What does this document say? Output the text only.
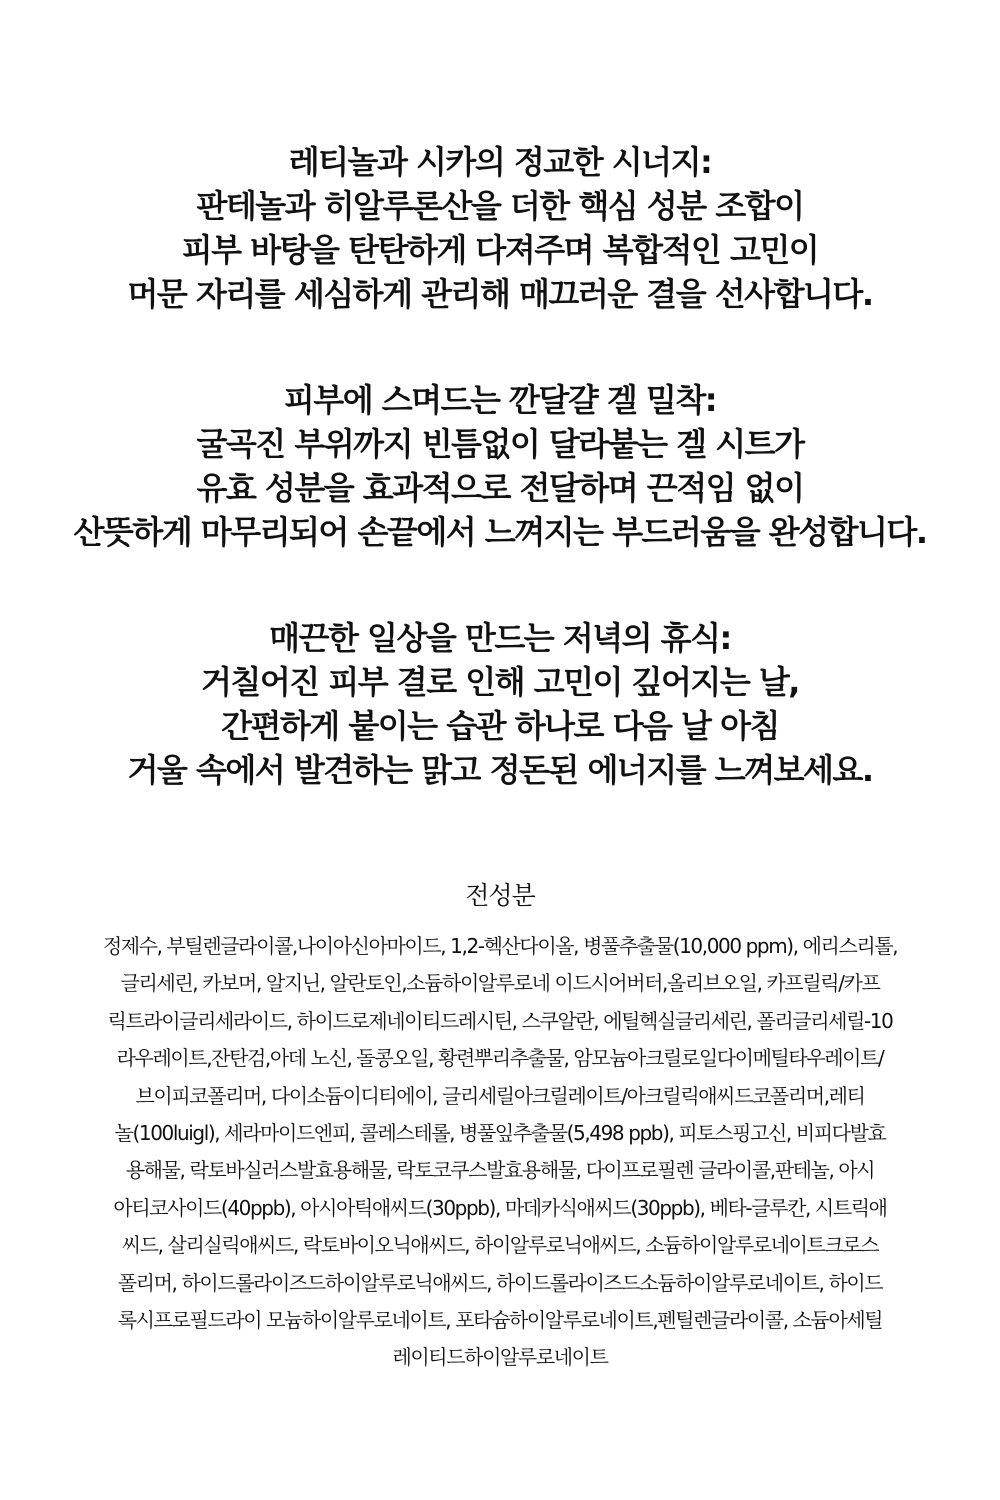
레티놀과 시카의 정교한 시너지:
판테놀과 히알루론산을 더한 핵심 성분 조합이
피부 바탕을 탄탄하게 다져주며 복합적인 고민이
머문 자리를 세심하게 관리해 매끄러운 결을 선사합니다.
피부에 스며드는 깐달걀 겔 밀착:
굴곡진 부위까지 빈틈없이 달라붙는 겔 시트가
유효 성분을 효과적으로 전달하며 끈적임 없이
산뜻하게 마무리되어 손끝에서 느껴지는 부드러움을 완성합니다.
매끈한 일상을 만드는 저녁의 휴식:
거칠어진 피부 결로 인해 고민이 깊어지는 날,
간편하게 붙이는 습관 하나로 다음 날 아침
거울 속에서 발견하는 맑고 정돈된 에너지를 느껴보세요.
전성분
정제수, 부틸렌글라이콜,나이아신아마이드, 1,2-헥산다이올, 병풀추출물(10,000 ppm), 에리스리톨,
글리세린, 카보머, 알지닌, 알란토인,소듐하이알루로네 이드시어버터,올리브오일, 카프릴릭/카프
릭트라이글리세라이드, 하이드로제네이티드레시틴, 스쿠알란, 에틸헥실글리세린, 폴리글리세릴-10
라우레이트,잔탄검,아데 노신, 돌콩오일, 황련뿌리추출물, 암모늄아크릴로일다이메틸타우레이트/
브이피코폴리머, 다이소듐이디티에이, 글리세릴아크릴레이트/아크릴릭애씨드코폴리머,레티
놀(100luigl), 세라마이드엔피, 콜레스테롤, 병풀잎추출물(5,498 ppb), 피토스핑고신, 비피다발효
용해물, 락토바실러스발효용해물, 락토코쿠스발효용해물, 다이프로필렌 글라이콜,판테놀, 아시
아티코사이드(40ppb), 아시아틱애씨드(30ppb), 마데카식애씨드(30ppb), 베타-글루칸, 시트릭애
씨드, 살리실릭애씨드, 락토바이오닉애씨드, 하이알루로닉애씨드, 소듐하이알루로네이트크로스
폴리머, 하이드롤라이즈드하이알루로닉애씨드, 하이드롤라이즈드소듐하이알루로네이트, 하이드
록시프로필드라이 모늄하이알루로네이트, 포타슘하이알루로네이트,펜틸렌글라이콜, 소듐아세틸
레이티드하이알루로네이트
